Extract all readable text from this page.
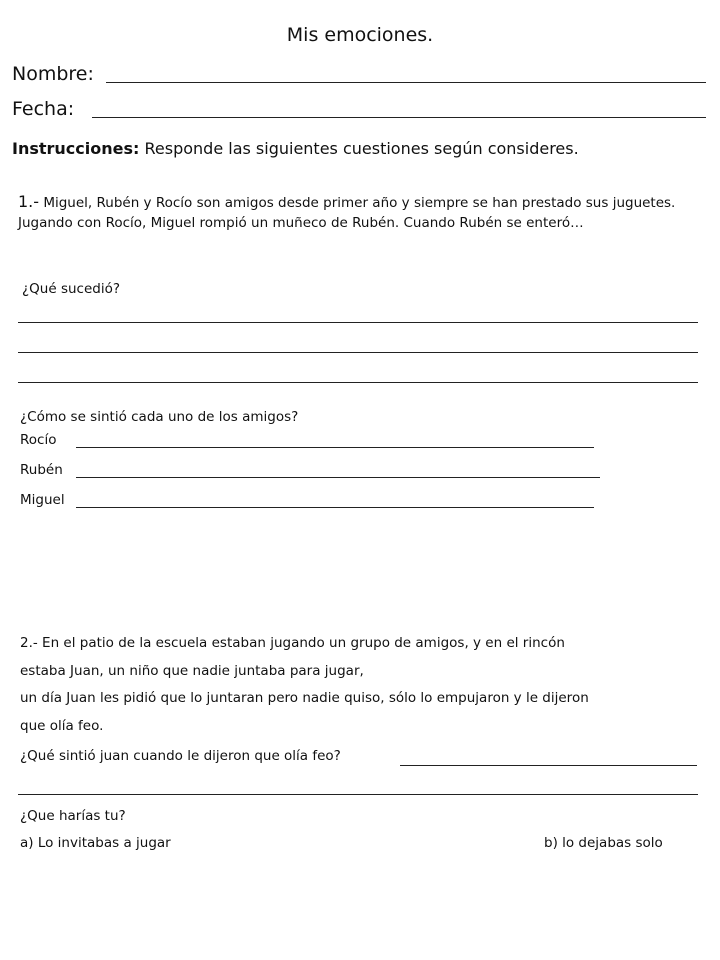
Mis emociones.
Nombre:
Fecha:
Instrucciones: Responde las siguientes cuestiones según consideres.
1.- Miguel, Rubén y Rocío son amigos desde primer año y siempre se han prestado sus juguetes. Jugando con Rocío, Miguel rompió un muñeco de Rubén. Cuando Rubén se enteró…
¿Qué sucedió?
¿Cómo se sintió cada uno de los amigos?
Rocío
Rubén
Miguel
2.- En el patio de la escuela estaban jugando un grupo de amigos, y en el rincón
estaba Juan, un niño que nadie juntaba para jugar,
un día Juan les pidió que lo juntaran pero nadie quiso, sólo lo empujaron y le dijeron
que olía feo.
¿Qué sintió juan cuando le dijeron que olía feo?
¿Que harías tu?
a) Lo invitabas a jugar	b) lo dejabas solo
